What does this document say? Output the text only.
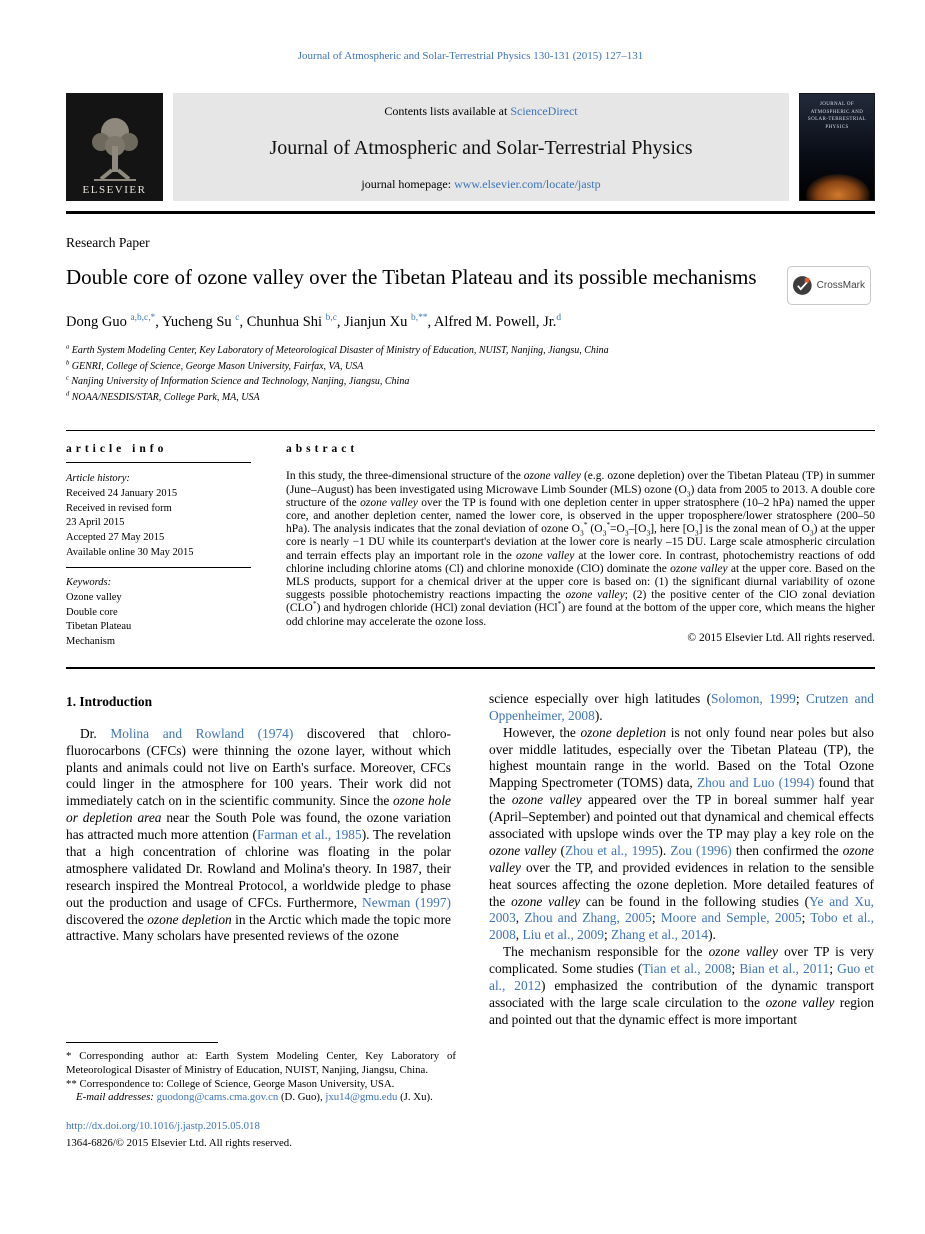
Journal of Atmospheric and Solar-Terrestrial Physics 130-131 (2015) 127–131
ELSEVIER
Contents lists available at ScienceDirect
Journal of Atmospheric and Solar-Terrestrial Physics
journal homepage: www.elsevier.com/locate/jastp
JOURNAL OF ATMOSPHERIC AND SOLAR-TERRESTRIAL PHYSICS
Research Paper
Double core of ozone valley over the Tibetan Plateau and its possible mechanisms	CrossMark
Dong Guo $^{a,b,c,*}$, Yucheng Su $^c$, Chunhua Shi $^{b,c}$, Jianjun Xu $^{b,**}$, Alfred M. Powell, Jr.$^d$
$^a$ Earth System Modeling Center, Key Laboratory of Meteorological Disaster of Ministry of Education, NUIST, Nanjing, Jiangsu, China
$^b$ GENRI, College of Science, George Mason University, Fairfax, VA, USA
$^c$ Nanjing University of Information Science and Technology, Nanjing, Jiangsu, China
$^d$ NOAA/NESDIS/STAR, College Park, MA, USA
article info
Article history:
Received 24 January 2015
Received in revised form
23 April 2015
Accepted 27 May 2015
Available online 30 May 2015
Keywords:
Ozone valley
Double core
Tibetan Plateau
Mechanism
abstract
In this study, the three-dimensional structure of the ozone valley (e.g. ozone depletion) over the Tibetan Plateau (TP) in summer (June–August) has been investigated using Microwave Limb Sounder (MLS) ozone $(O_3)$ data from 2005 to 2013. A double core structure of the ozone valley over the TP is found with one depletion center in upper stratosphere (10–2 hPa) named the upper core, and another depletion center, named the lower core, is observed in the upper troposphere/lower stratosphere (200–50 hPa). The analysis indicates that the zonal deviation of ozone $O_3^*$ ($O_3^*=O_3-[O_3]$, here $[O_3]$ is the zonal mean of $O_3$) at the upper core is nearly −1 DU while its counterpart's deviation at the lower core is nearly –15 DU. Large scale atmospheric circulation and terrain effects play an important role in the ozone valley at the lower core. In contrast, photochemistry reactions of odd chlorine including chlorine atoms (Cl) and chlorine monoxide (ClO) dominate the ozone valley at the upper core. Based on the MLS products, support for a chemical driver at the upper core is based on: (1) the significant diurnal variability of ozone suggests possible photochemistry reactions impacting the ozone valley; (2) the positive center of the ClO zonal deviation (CLO*) and hydrogen chloride (HCl) zonal deviation (HCl*) are found at the bottom of the upper core, which means the higher odd chlorine may accelerate the ozone loss.
© 2015 Elsevier Ltd. All rights reserved.
1. Introduction

Dr. Molina and Rowland (1974) discovered that chloro-fluorocarbons (CFCs) were thinning the ozone layer, without which plants and animals could not live on Earth's surface. Moreover, CFCs could linger in the atmosphere for 100 years. Their work did not immediately catch on in the scientific community. Since the ozone hole or depletion area near the South Pole was found, the ozone variation has attracted much more attention (Farman et al., 1985). The revelation that a high concentration of chlorine was floating in the polar atmosphere validated Dr. Rowland and Molina's theory. In 1987, their research inspired the Montreal Protocol, a worldwide pledge to phase out the production and usage of CFCs. Furthermore, Newman (1997) discovered the ozone depletion in the Arctic which made the topic more attractive. Many scholars have presented reviews of the ozone

science especially over high latitudes (Solomon, 1999; Crutzen and Oppenheimer, 2008).

However, the ozone depletion is not only found near poles but also over middle latitudes, especially over the Tibetan Plateau (TP), the highest mountain range in the world. Based on the Total Ozone Mapping Spectrometer (TOMS) data, Zhou and Luo (1994) found that the ozone valley appeared over the TP in boreal summer half year (April–September) and pointed out that dynamical and chemical effects associated with upslope winds over the TP may play a key role on the ozone valley (Zhou et al., 1995). Zou (1996) then confirmed the ozone valley over the TP, and provided evidences in relation to the sensible heat sources affecting the ozone depletion. More detailed features of the ozone valley can be found in the following studies (Ye and Xu, 2003, Zhou and Zhang, 2005; Moore and Semple, 2005; Tobo et al., 2008, Liu et al., 2009; Zhang et al., 2014).

The mechanism responsible for the ozone valley over TP is very complicated. Some studies (Tian et al., 2008; Bian et al., 2011; Guo et al., 2012) emphasized the contribution of the dynamic transport associated with the large scale circulation to the ozone valley region and pointed out that the dynamic effect is more important

* Corresponding author at: Earth System Modeling Center, Key Laboratory of Meteorological Disaster of Ministry of Education, NUIST, Nanjing, Jiangsu, China.
** Correspondence to: College of Science, George Mason University, USA.
E-mail addresses: guodong@cams.cma.gov.cn (D. Guo), jxu14@gmu.edu (J. Xu).
http://dx.doi.org/10.1016/j.jastp.2015.05.018
1364-6826/© 2015 Elsevier Ltd. All rights reserved.
